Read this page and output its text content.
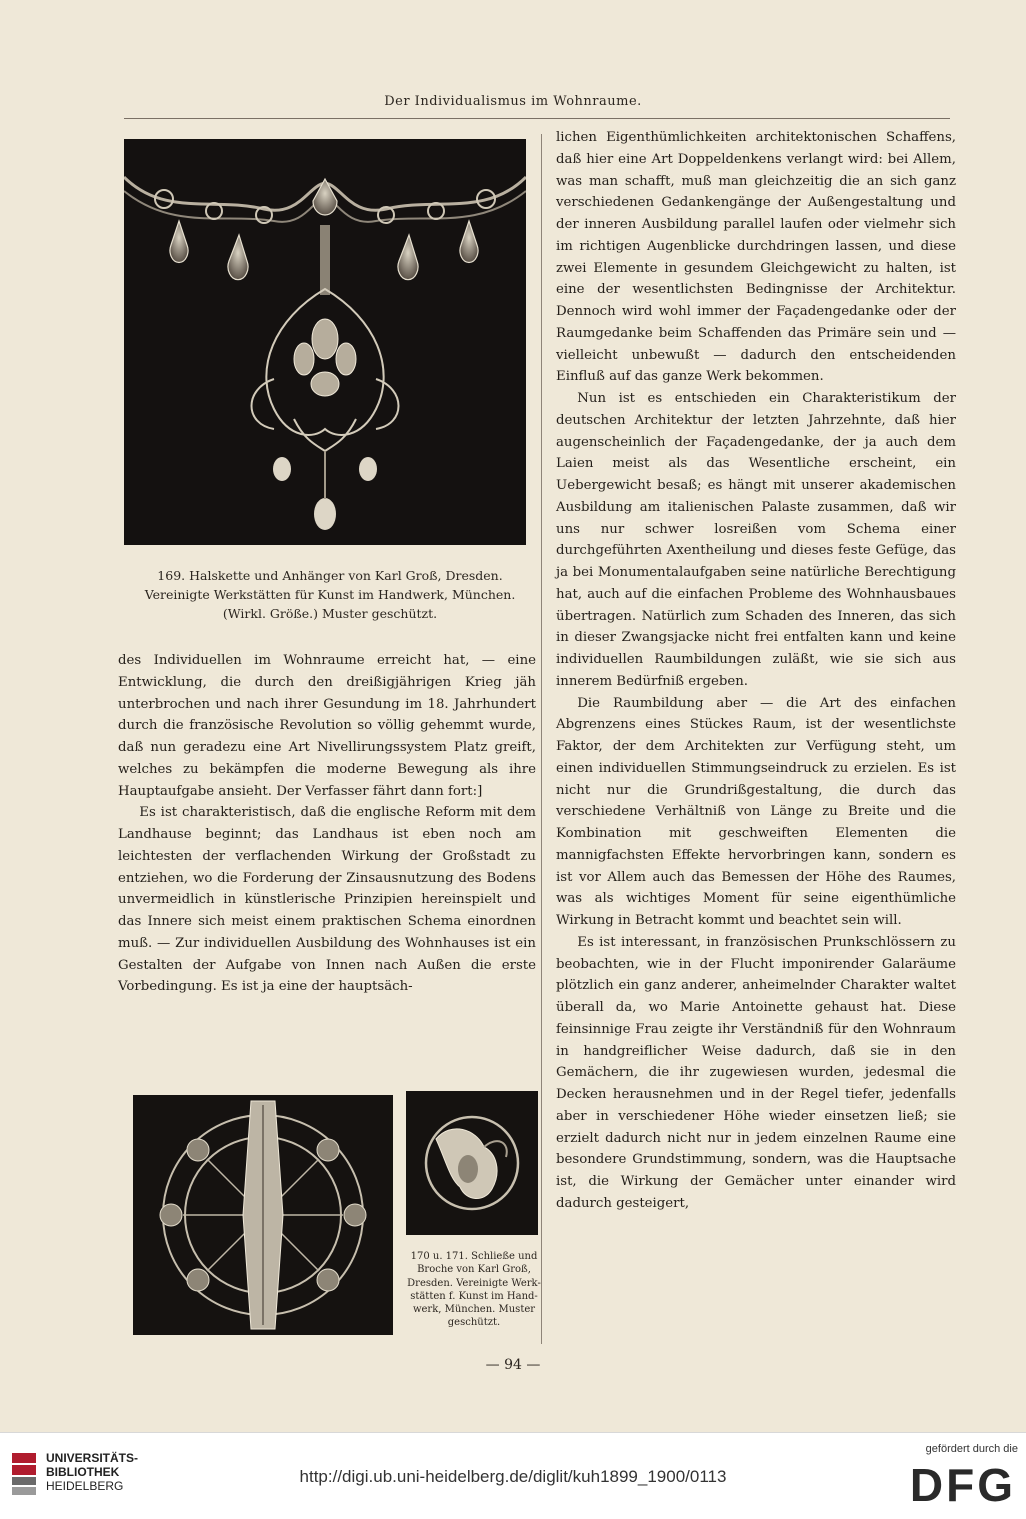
Der Individualismus im Wohnraume.
169. Halskette und Anhänger von Karl Groß, Dresden.
Vereinigte Werkstätten für Kunst im Handwerk, München.
(Wirkl. Größe.) Muster geschützt.

des Individuellen im Wohnraume erreicht hat, — eine Entwicklung, die durch den dreißigjährigen Krieg jäh unterbrochen und nach ihrer Gesundung im 18. Jahrhundert durch die französische Revolution so völlig gehemmt wurde, daß nun geradezu eine Art Nivellirungssystem Platz greift, welches zu bekämpfen die moderne Bewegung als ihre Hauptaufgabe ansieht. Der Verfasser fährt dann fort:]

Es ist charakteristisch, daß die englische Reform mit dem Landhause beginnt; das Landhaus ist eben noch am leichtesten der verflachenden Wirkung der Großstadt zu entziehen, wo die Forderung der Zinsausnutzung des Bodens unvermeidlich in künstlerische Prinzipien hereinspielt und das Innere sich meist einem praktischen Schema einordnen muß. — Zur individuellen Ausbildung des Wohnhauses ist ein Gestalten der Aufgabe von Innen nach Außen die erste Vorbedingung. Es ist ja eine der hauptsäch-

170 u. 171. Schließe und
Broche von Karl Groß,
Dresden. Vereinigte Werk-
stätten f. Kunst im Hand-
werk, München. Muster
geschützt.

lichen Eigenthümlichkeiten architektonischen Schaffens, daß hier eine Art Doppeldenkens verlangt wird: bei Allem, was man schafft, muß man gleichzeitig die an sich ganz verschiedenen Gedankengänge der Außengestaltung und der inneren Ausbildung parallel laufen oder vielmehr sich im richtigen Augenblicke durchdringen lassen, und diese zwei Elemente in gesundem Gleichgewicht zu halten, ist eine der wesentlichsten Bedingnisse der Architektur. Dennoch wird wohl immer der Façadengedanke oder der Raumgedanke beim Schaffenden das Primäre sein und — vielleicht unbewußt — dadurch den entscheidenden Einfluß auf das ganze Werk bekommen.

Nun ist es entschieden ein Charakteristikum der deutschen Architektur der letzten Jahrzehnte, daß hier augenscheinlich der Façadengedanke, der ja auch dem Laien meist als das Wesentliche erscheint, ein Uebergewicht besaß; es hängt mit unserer akademischen Ausbildung am italienischen Palaste zusammen, daß wir uns nur schwer losreißen vom Schema einer durchgeführten Axentheilung und dieses feste Gefüge, das ja bei Monumentalaufgaben seine natürliche Berechtigung hat, auch auf die einfachen Probleme des Wohnhausbaues übertragen. Natürlich zum Schaden des Inneren, das sich in dieser Zwangsjacke nicht frei entfalten kann und keine individuellen Raumbildungen zuläßt, wie sie sich aus innerem Bedürfniß ergeben.

Die Raumbildung aber — die Art des einfachen Abgrenzens eines Stückes Raum, ist der wesentlichste Faktor, der dem Architekten zur Verfügung steht, um einen individuellen Stimmungseindruck zu erzielen. Es ist nicht nur die Grundrißgestaltung, die durch das verschiedene Verhältniß von Länge zu Breite und die Kombination mit geschweiften Elementen die mannigfachsten Effekte hervorbringen kann, sondern es ist vor Allem auch das Bemessen der Höhe des Raumes, was als wichtiges Moment für seine eigenthümliche Wirkung in Betracht kommt und beachtet sein will.

Es ist interessant, in französischen Prunkschlössern zu beobachten, wie in der Flucht imponirender Galaräume plötzlich ein ganz anderer, anheimelnder Charakter waltet überall da, wo Marie Antoinette gehaust hat. Diese feinsinnige Frau zeigte ihr Verständniß für den Wohnraum in handgreiflicher Weise dadurch, daß sie in den Gemächern, die ihr zugewiesen wurden, jedesmal die Decken herausnehmen und in der Regel tiefer, jedenfalls aber in verschiedener Höhe wieder einsetzen ließ; sie erzielt dadurch nicht nur in jedem einzelnen Raume eine besondere Grundstimmung, sondern, was die Hauptsache ist, die Wirkung der Gemächer unter einander wird dadurch gesteigert,

— 94 —
UNIVERSITÄTS-
BIBLIOTHEK
HEIDELBERG	http://digi.ub.uni-heidelberg.de/diglit/kuh1899_1900/0113
gefördert durch die
DFG
